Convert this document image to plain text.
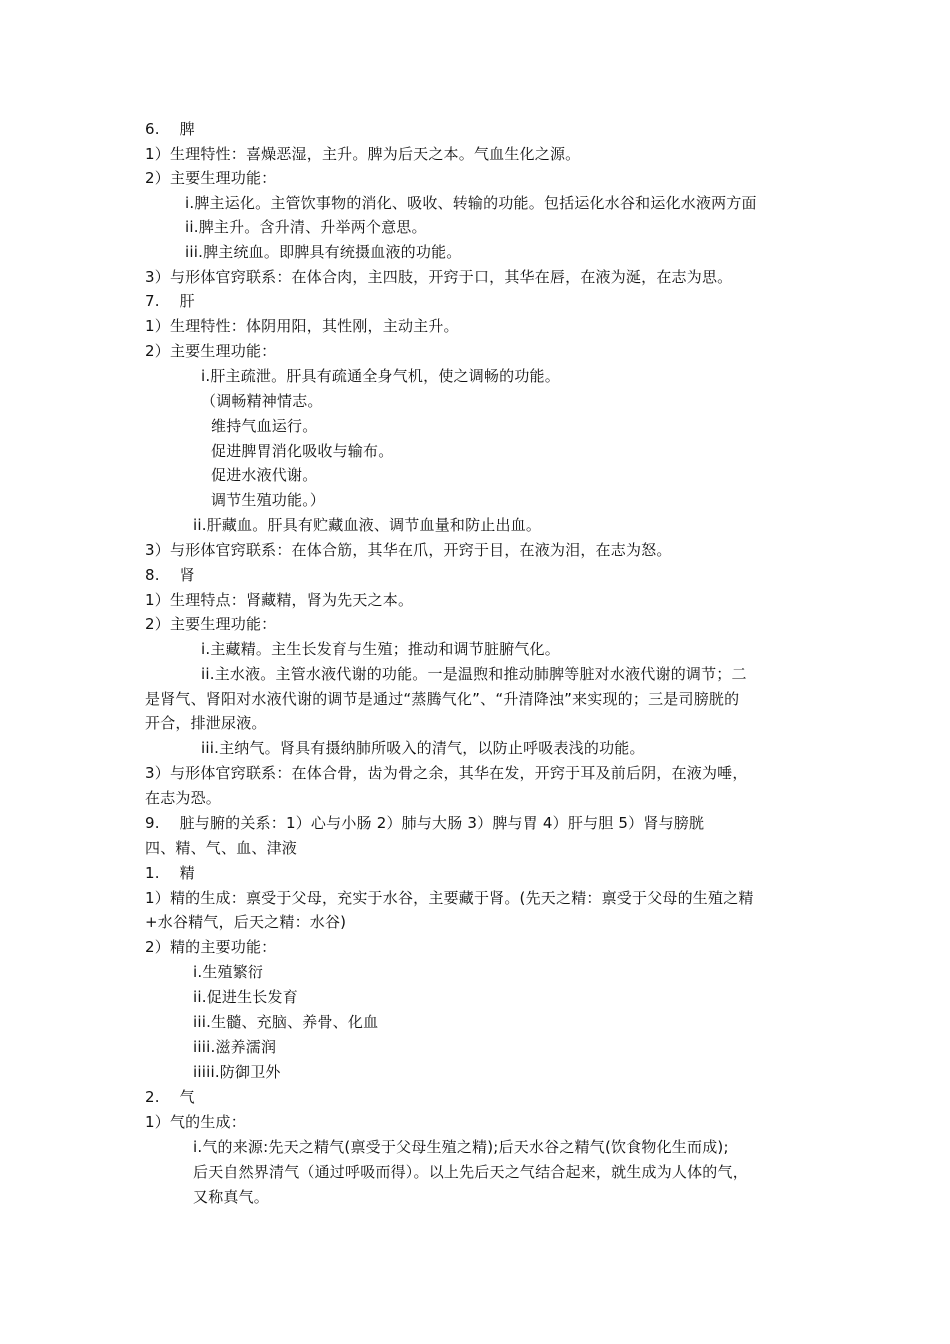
6.    脾
1）生理特性：喜燥恶湿，主升。脾为后天之本。气血生化之源。
2）主要生理功能：
i.脾主运化。主管饮事物的消化、吸收、转输的功能。包括运化水谷和运化水液两方面
ii.脾主升。含升清、升举两个意思。
iii.脾主统血。即脾具有统摄血液的功能。
3）与形体官窍联系：在体合肉，主四肢，开窍于口，其华在唇，在液为涎，在志为思。
7.    肝
1）生理特性：体阴用阳，其性刚，主动主升。
2）主要生理功能：
i.肝主疏泄。肝具有疏通全身气机，使之调畅的功能。
（调畅精神情志。
维持气血运行。
促进脾胃消化吸收与输布。
促进水液代谢。
调节生殖功能。）
ii.肝藏血。肝具有贮藏血液、调节血量和防止出血。
3）与形体官窍联系：在体合筋，其华在爪，开窍于目，在液为泪，在志为怒。
8.    肾
1）生理特点：肾藏精，肾为先天之本。
2）主要生理功能：
i.主藏精。主生长发育与生殖；推动和调节脏腑气化。
ii.主水液。主管水液代谢的功能。一是温煦和推动肺脾等脏对水液代谢的调节；二
是肾气、肾阳对水液代谢的调节是通过“蒸腾气化”、“升清降浊”来实现的；三是司膀胱的
开合，排泄尿液。
iii.主纳气。肾具有摄纳肺所吸入的清气，以防止呼吸表浅的功能。
3）与形体官窍联系：在体合骨，齿为骨之余，其华在发，开窍于耳及前后阴，在液为唾，
在志为恐。
9.    脏与腑的关系：1）心与小肠 2）肺与大肠 3）脾与胃 4）肝与胆 5）肾与膀胱
四、精、气、血、津液
1.    精
1）精的生成：禀受于父母，充实于水谷，主要藏于肾。(先天之精：禀受于父母的生殖之精
+水谷精气，后天之精：水谷)
2）精的主要功能：
i.生殖繁衍
ii.促进生长发育
iii.生髓、充脑、养骨、化血
iiii.滋养濡润
iiiii.防御卫外
2.    气
1）气的生成：
i.气的来源:先天之精气(禀受于父母生殖之精);后天水谷之精气(饮食物化生而成);
后天自然界清气（通过呼吸而得）。以上先后天之气结合起来，就生成为人体的气，
又称真气。
